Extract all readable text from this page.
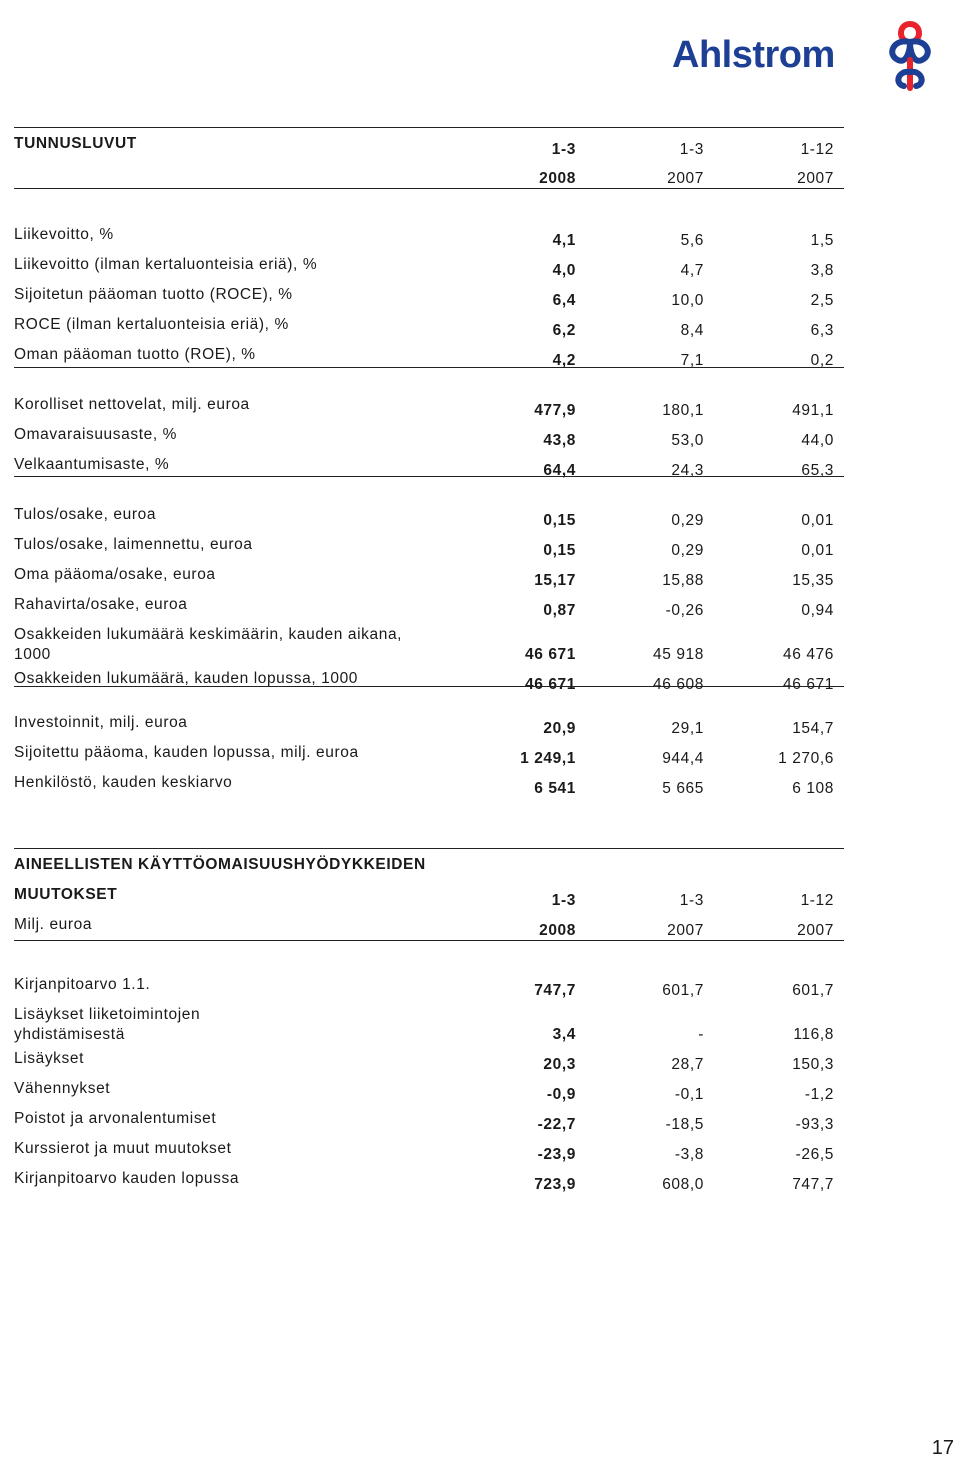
Ahlstrom
TUNNUSLUVUT	1-3	1-3	1-12
2008	2007	2007
Liikevoitto, %	4,1	5,6	1,5
Liikevoitto (ilman kertaluonteisia eriä), %	4,0	4,7	3,8
Sijoitetun pääoman tuotto (ROCE), %	6,4	10,0	2,5
ROCE (ilman kertaluonteisia eriä), %	6,2	8,4	6,3
Oman pääoman tuotto (ROE), %	4,2	7,1	0,2
Korolliset nettovelat, milj. euroa	477,9	180,1	491,1
Omavaraisuusaste, %	43,8	53,0	44,0
Velkaantumisaste, %	64,4	24,3	65,3
Tulos/osake, euroa	0,15	0,29	0,01
Tulos/osake, laimennettu, euroa	0,15	0,29	0,01
Oma pääoma/osake, euroa	15,17	15,88	15,35
Rahavirta/osake, euroa	0,87	-0,26	0,94
Osakkeiden lukumäärä keskimäärin, kauden aikana,
1000	46 671	45 918	46 476
Osakkeiden lukumäärä, kauden lopussa, 1000	46 671	46 608	46 671
Investoinnit, milj. euroa	20,9	29,1	154,7
Sijoitettu pääoma, kauden lopussa, milj. euroa	1 249,1	944,4	1 270,6
Henkilöstö, kauden keskiarvo	6 541	5 665	6 108
AINEELLISTEN KÄYTTÖOMAISUUSHYÖDYKKEIDEN
MUUTOKSET	1-3	1-3	1-12
Milj. euroa	2008	2007	2007
Kirjanpitoarvo 1.1.	747,7	601,7	601,7
Lisäykset liiketoimintojen
yhdistämisestä	3,4	-	116,8
Lisäykset	20,3	28,7	150,3
Vähennykset	-0,9	-0,1	-1,2
Poistot ja arvonalentumiset	-22,7	-18,5	-93,3
Kurssierot ja muut muutokset	-23,9	-3,8	-26,5
Kirjanpitoarvo kauden lopussa	723,9	608,0	747,7
17
